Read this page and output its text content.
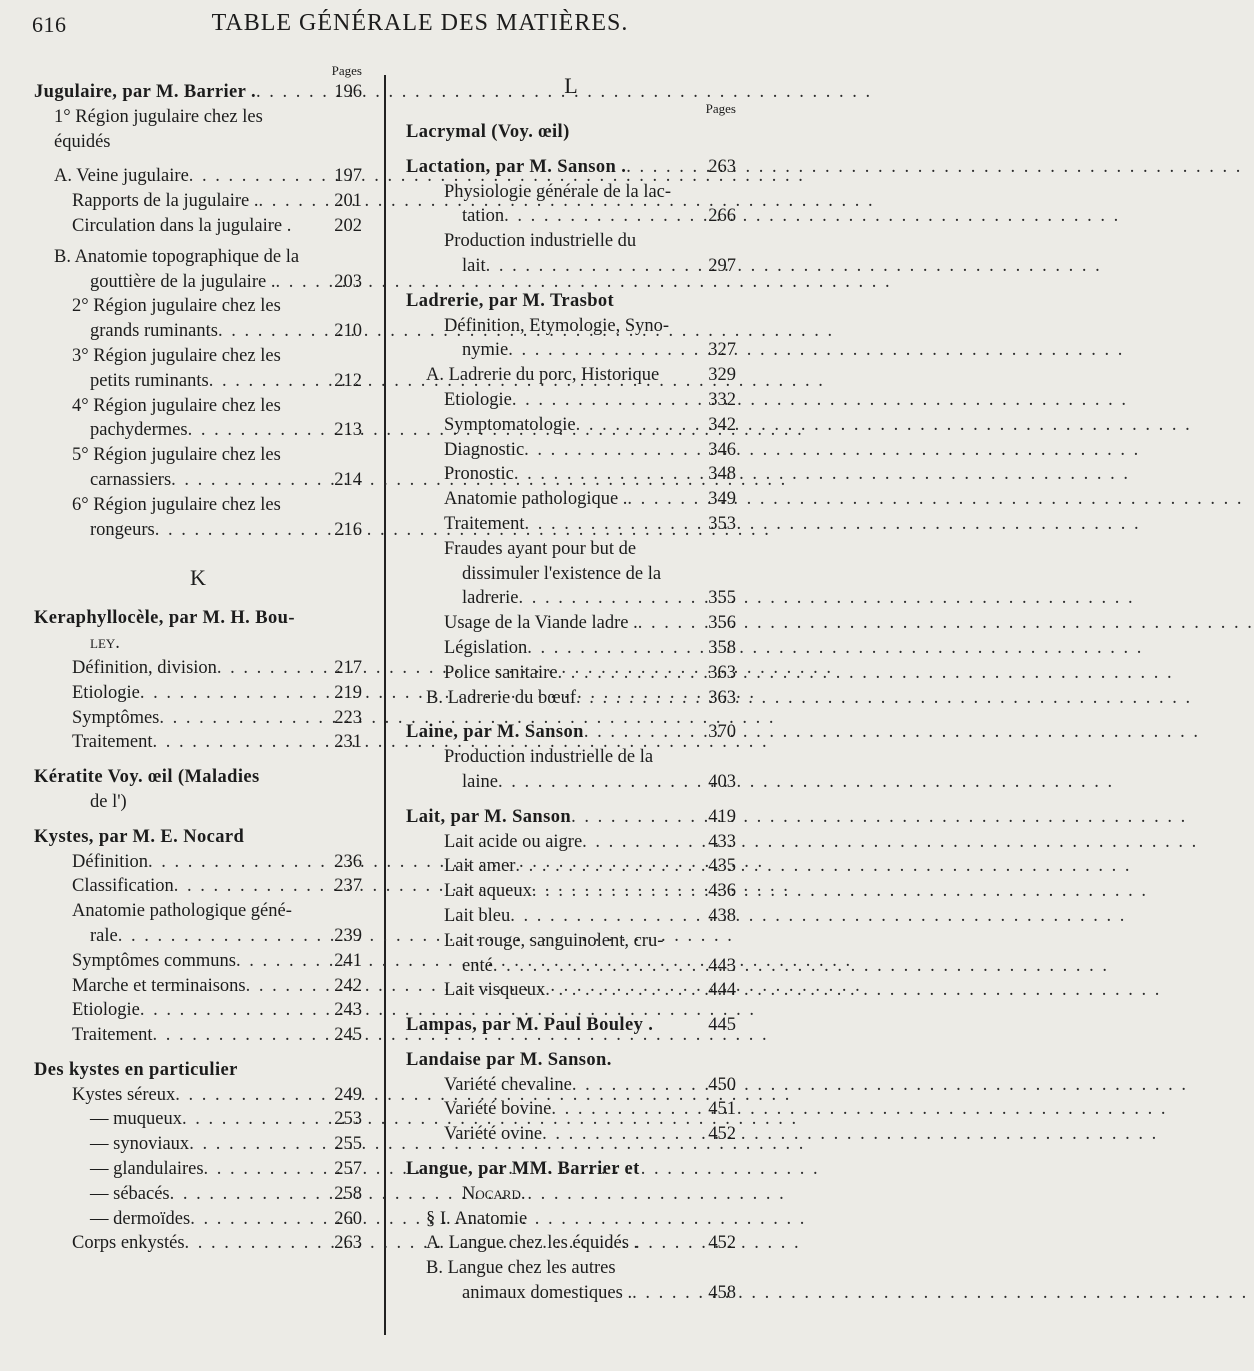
616	TABLE GÉNÉRALE DES MATIÈRES.
Pages
Jugulaire, par M. Barrier . . . .	196
1° Région jugulaire chez les
équidés
A. Veine jugulaire . . .	197
Rapports de la jugulaire . . . .	201
Circulation dans la jugulaire . 202
B. Anatomie topographique de la
gouttière de la jugulaire . . . .	203
2° Région jugulaire chez les
grands ruminants . . .	210
3° Région jugulaire chez les
petits ruminants . . .	212
4° Région jugulaire chez les
pachydermes . . .	213
5° Région jugulaire chez les
carnassiers . . .	214
6° Région jugulaire chez les
rongeurs . . .	216
K
Keraphyllocèle, par M. H. Bou-
ley.
Définition, division . . .	217
Etiologie . . .	219
Symptômes . . .	223
Traitement . . .	231
Kératite Voy. œil (Maladies
de l')
Kystes, par M. E. Nocard
Définition . . .	236
Classification . . .	237
Anatomie pathologique géné-
rale . . .	239
Symptômes communs . . .	241
Marche et terminaisons . . .	242
Etiologie . . .	243
Traitement . . .	245
Des kystes en particulier
Kystes séreux . . .	249
— muqueux . . .	253
— synoviaux . . .	255
— glandulaires . . .	257
— sébacés . . .	258
— dermoïdes . . .	260
Corps enkystés . . .	263
L
Pages
Lacrymal (Voy. œil)
Lactation, par M. Sanson . . . .	263
Physiologie générale de la lac-
tation . . .	266
Production industrielle du
lait . . .	297
Ladrerie, par M. Trasbot
Définition, Etymologie, Syno-
nymie . . .	327
A. Ladrerie du porc, Historique	329
Etiologie . . .	332
Symptomatologie . . .	342
Diagnostic . . .	346
Pronostic . . .	348
Anatomie pathologique . . . .	349
Traitement . . .	353
Fraudes ayant pour but de
dissimuler l'existence de la
ladrerie . . .	355
Usage de la Viande ladre . . . .	356
Législation . . .	358
Police sanitaire . . .	363
B. Ladrerie du bœuf . . .	363
Laine, par M. Sanson . . .	370
Production industrielle de la
laine . . .	403
Lait, par M. Sanson . . .	419
Lait acide ou aigre . . .	433
Lait amer . . .	435
Lait aqueux . . .	436
Lait bleu . . .	438
Lait rouge, sanguinolent, cru-
enté . . .	443
Lait visqueux . . .	444
Lampas, par M. Paul Bouley .	445
Landaise par M. Sanson.
Variété chevaline . . .	450
Variété bovine . . .	451
Variété ovine . . .	452
Langue, par MM. Barrier et
Nocard.
§ I. Anatomie
A. Langue chez les équidés .	452
B. Langue chez les autres
animaux domestiques . . . .	458
